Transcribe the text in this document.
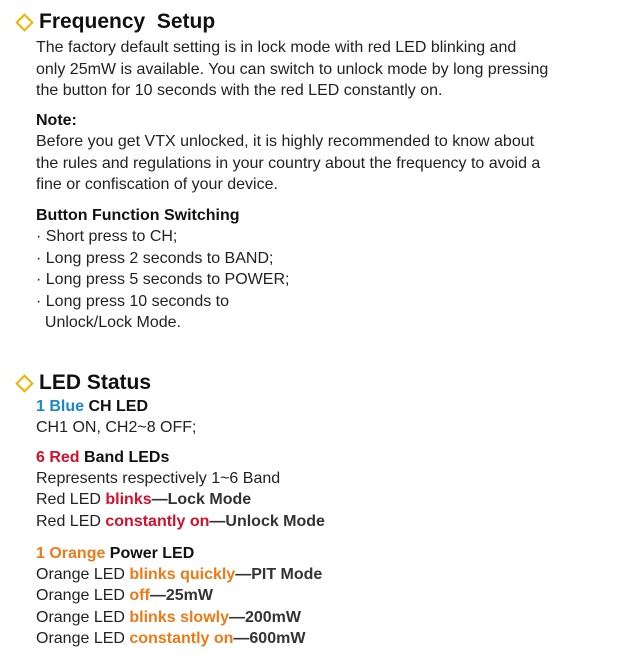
Frequency  Setup

The factory default setting is in lock mode with red LED blinking and

only 25mW is available. You can switch to unlock mode by long pressing

the button for 10 seconds with the red LED constantly on.

Note:

Before you get VTX unlocked, it is highly recommended to know about

the rules and regulations in your country about the frequency to avoid a

fine or confiscation of your device.

Button Function Switching

· Short press to CH;

· Long press 2 seconds to BAND;

· Long press 5 seconds to POWER;

· Long press 10 seconds to

Unlock/Lock Mode.

LED Status

1 Blue CH LED

CH1 ON, CH2~8 OFF;

6 Red Band LEDs

Represents respectively 1~6 Band

Red LED blinks—Lock Mode

Red LED constantly on—Unlock Mode

1 Orange Power LED

Orange LED blinks quickly—PIT Mode

Orange LED off—25mW

Orange LED blinks slowly—200mW

Orange LED constantly on—600mW
